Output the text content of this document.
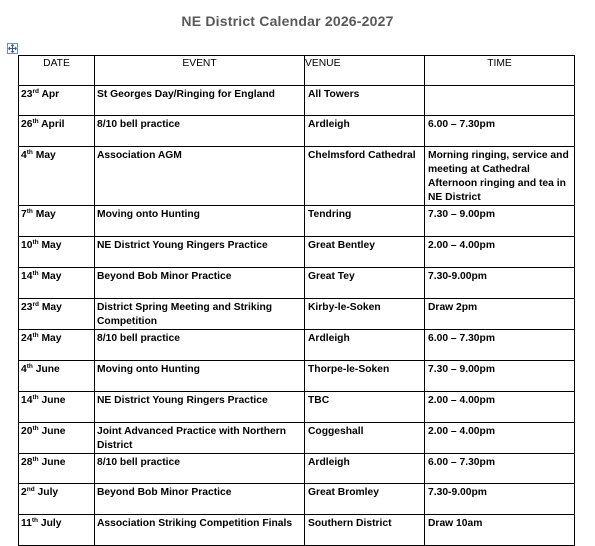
NE District Calendar 2026-2027
DATE	EVENT	VENUE	TIME

23rd Apr	St Georges Day/Ringing for England	All Towers	

26th April	8/10 bell practice	Ardleigh	6.00 – 7.30pm

4th May	Association AGM	Chelmsford Cathedral	Morning ringing, service and meeting at Cathedral Afternoon ringing and tea in NE District

7th May	Moving onto Hunting	Tendring	7.30 – 9.00pm

10th May	NE District Young Ringers Practice	Great Bentley	2.00 – 4.00pm

14th May	Beyond Bob Minor Practice	Great Tey	7.30-9.00pm

23rd May	District Spring Meeting and Striking Competition	Kirby-le-Soken	Draw 2pm

24th May	8/10 bell practice	Ardleigh	6.00 – 7.30pm

4th June	Moving onto Hunting	Thorpe-le-Soken	7.30 – 9.00pm

14th June	NE District Young Ringers Practice	TBC	2.00 – 4.00pm

20th June	Joint Advanced Practice with Northern District	Coggeshall	2.00 – 4.00pm

28th June	8/10 bell practice	Ardleigh	6.00 – 7.30pm

2nd July	Beyond Bob Minor Practice	Great Bromley	7.30-9.00pm

11th July	Association Striking Competition Finals	Southern District	Draw 10am
